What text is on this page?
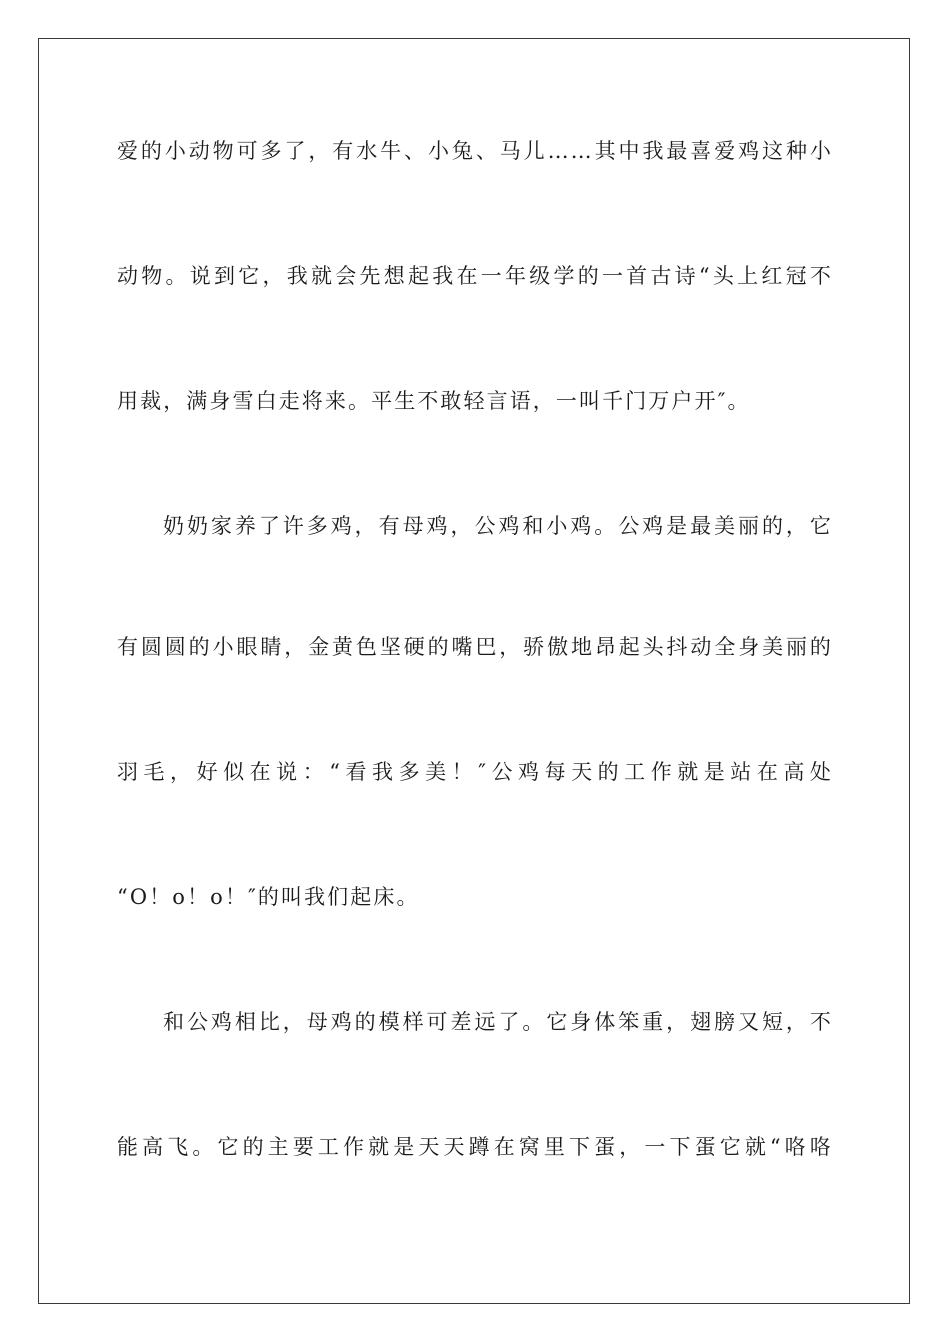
爱的小动物可多了，有水牛、小兔、马儿……其中我最喜爱鸡这种小
动物。说到它，我就会先想起我在一年级学的一首古诗“头上红冠不
用裁，满身雪白走将来。平生不敢轻言语，一叫千门万户开″。
奶奶家养了许多鸡，有母鸡，公鸡和小鸡。公鸡是最美丽的，它
有圆圆的小眼睛，金黄色坚硬的嘴巴，骄傲地昂起头抖动全身美丽的
羽毛，好似在说：“看我多美！″公鸡每天的工作就是站在高处
“O！o！o！″的叫我们起床。
和公鸡相比，母鸡的模样可差远了。它身体笨重，翅膀又短，不
能高飞。它的主要工作就是天天蹲在窝里下蛋，一下蛋它就“咯咯
